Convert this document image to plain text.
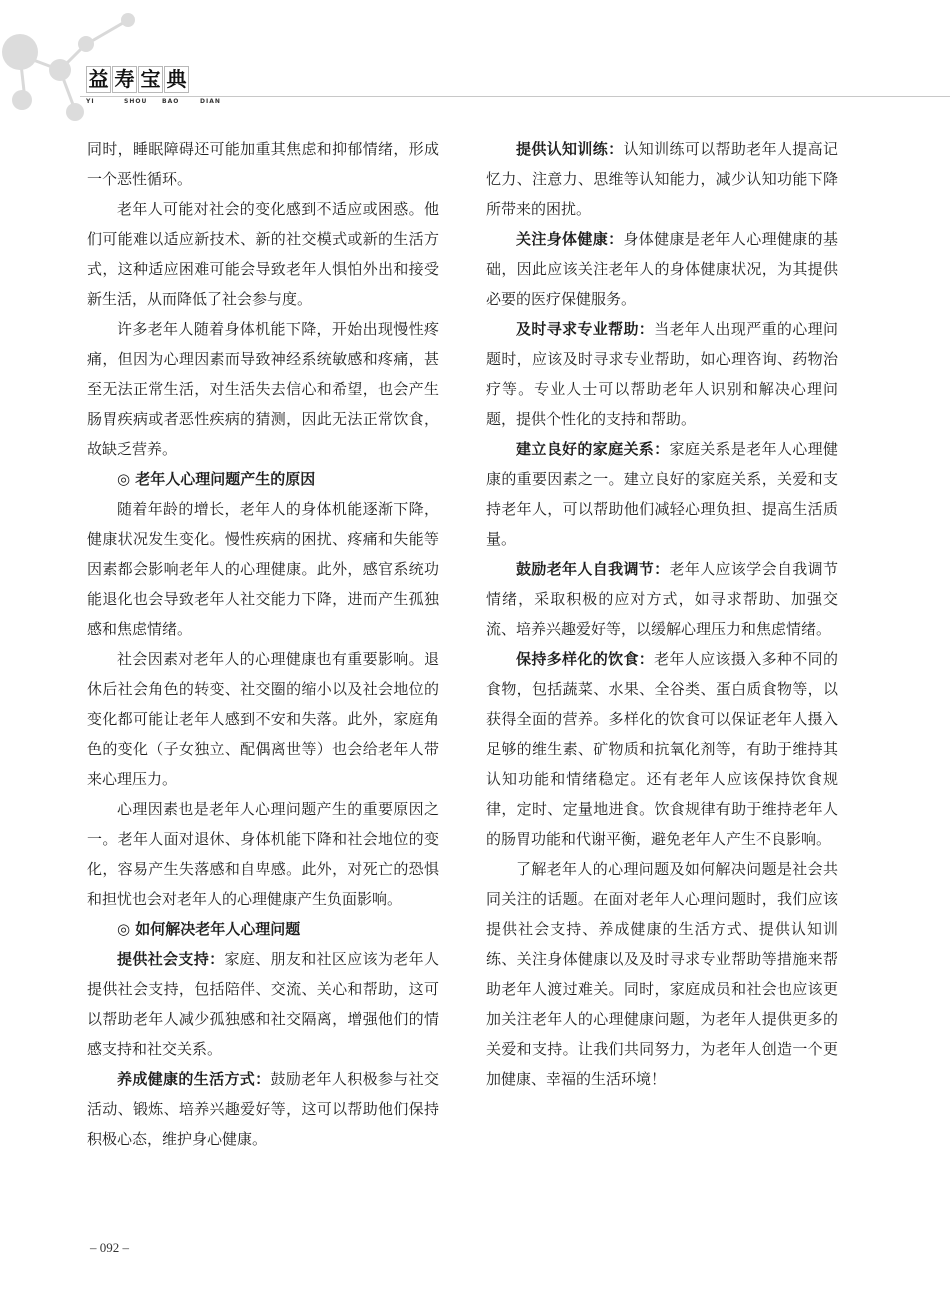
益 寿 宝 典
YI	SHOU	BAO	DIAN

同时，睡眠障碍还可能加重其焦虑和抑郁情绪，形成一个恶性循环。

老年人可能对社会的变化感到不适应或困惑。他们可能难以适应新技术、新的社交模式或新的生活方式，这种适应困难可能会导致老年人惧怕外出和接受新生活，从而降低了社会参与度。

许多老年人随着身体机能下降，开始出现慢性疼痛，但因为心理因素而导致神经系统敏感和疼痛，甚至无法正常生活，对生活失去信心和希望，也会产生肠胃疾病或者恶性疾病的猜测，因此无法正常饮食，故缺乏营养。

◎ 老年人心理问题产生的原因

随着年龄的增长，老年人的身体机能逐渐下降，健康状况发生变化。慢性疾病的困扰、疼痛和失能等因素都会影响老年人的心理健康。此外，感官系统功能退化也会导致老年人社交能力下降，进而产生孤独感和焦虑情绪。

社会因素对老年人的心理健康也有重要影响。退休后社会角色的转变、社交圈的缩小以及社会地位的变化都可能让老年人感到不安和失落。此外，家庭角色的变化（子女独立、配偶离世等）也会给老年人带来心理压力。

心理因素也是老年人心理问题产生的重要原因之一。老年人面对退休、身体机能下降和社会地位的变化，容易产生失落感和自卑感。此外，对死亡的恐惧和担忧也会对老年人的心理健康产生负面影响。

◎ 如何解决老年人心理问题

提供社会支持：家庭、朋友和社区应该为老年人提供社会支持，包括陪伴、交流、关心和帮助，这可以帮助老年人减少孤独感和社交隔离，增强他们的情感支持和社交关系。

养成健康的生活方式：鼓励老年人积极参与社交活动、锻炼、培养兴趣爱好等，这可以帮助他们保持积极心态，维护身心健康。

提供认知训练：认知训练可以帮助老年人提高记忆力、注意力、思维等认知能力，减少认知功能下降所带来的困扰。

关注身体健康：身体健康是老年人心理健康的基础，因此应该关注老年人的身体健康状况，为其提供必要的医疗保健服务。

及时寻求专业帮助：当老年人出现严重的心理问题时，应该及时寻求专业帮助，如心理咨询、药物治疗等。专业人士可以帮助老年人识别和解决心理问题，提供个性化的支持和帮助。

建立良好的家庭关系：家庭关系是老年人心理健康的重要因素之一。建立良好的家庭关系，关爱和支持老年人，可以帮助他们减轻心理负担、提高生活质量。

鼓励老年人自我调节：老年人应该学会自我调节情绪，采取积极的应对方式，如寻求帮助、加强交流、培养兴趣爱好等，以缓解心理压力和焦虑情绪。

保持多样化的饮食：老年人应该摄入多种不同的食物，包括蔬菜、水果、全谷类、蛋白质食物等，以获得全面的营养。多样化的饮食可以保证老年人摄入足够的维生素、矿物质和抗氧化剂等，有助于维持其认知功能和情绪稳定。还有老年人应该保持饮食规律，定时、定量地进食。饮食规律有助于维持老年人的肠胃功能和代谢平衡，避免老年人产生不良影响。

了解老年人的心理问题及如何解决问题是社会共同关注的话题。在面对老年人心理问题时，我们应该提供社会支持、养成健康的生活方式、提供认知训练、关注身体健康以及及时寻求专业帮助等措施来帮助老年人渡过难关。同时，家庭成员和社会也应该更加关注老年人的心理健康问题，为老年人提供更多的关爱和支持。让我们共同努力，为老年人创造一个更加健康、幸福的生活环境！

– 092 –
